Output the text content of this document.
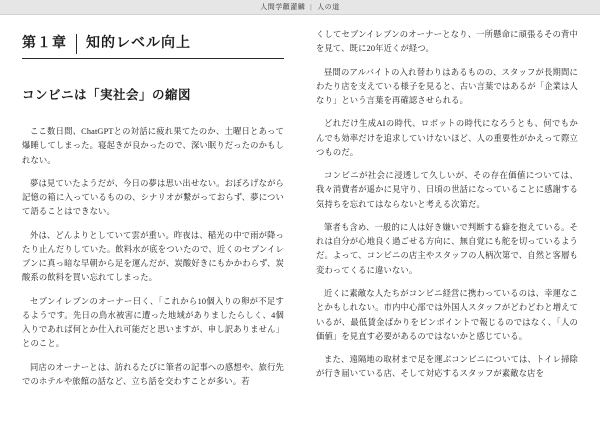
人間学顴灌麟 | 人の道
第１章 知的レベル向上
コンビニは「実社会」の縮図

ここ数日間、ChatGPTとの対話に疲れ果てたのか、土曜日とあって爆睡してしまった。寝起きが良かったので、深い眠りだったのかもしれない。

夢は見ていたようだが、今日の夢は思い出せない。おぼろげながら記憶の箱に入っているものの、シナリオが繋がっておらず、夢について語ることはできない。

外は、どんよりとしていて雲が重い。昨夜は、稲光の中で雨が降ったり止んだりしていた。飲料水が底をついたので、近くのセブンイレブンに真っ暗な早朝から足を運んだが、炭酸好きにもかかわらず、炭酸系の飲料を買い忘れてしまった。

セブンイレブンのオーナー曰く、「これから10個入りの卵が不足するようです。先日の鳥水被害に遭った地域がありましたらしく、4個入りであれば何とか仕入れ可能だと思いますが、申し訳ありません」とのこと。

同店のオーナーとは、訪れるたびに筆者の記事への感想や、旅行先でのホテルや旅館の話など、立ち話を交わすことが多い。若

くしてセブンイレブンのオーナーとなり、一所懸命に頑張るその背中を見て、既に20年近くが経つ。

昼間のアルバイトの入れ替わりはあるものの、スタッフが長期間にわたり店を支えている様子を見ると、古い言葉ではあるが「企業は人なり」という言葉を再確認させられる。

どれだけ生成AIの時代、ロボットの時代になろうとも、何でもかんでも効率だけを追求していけないほど、人の重要性がかえって際立つものだ。

コンビニが社会に浸透して久しいが、その存在価値については、我々消費者が遥かに見守り、日頃の世話になっていることに感謝する気持ちを忘れてはならないと考える次第だ。

筆者も含め、一般的に人は好き嫌いで判断する癖を抱えている。それは自分が心地良く過ごせる方向に、無自覚にも舵を切っているようだ。よって、コンビニの店主やスタッフの人柄次第で、自然と客層も変わってくるに違いない。

近くに素敵な人たちがコンビニ経営に携わっているのは、幸運なことかもしれない。市内中心部では外国人スタッフがどわどわと増えているが、最低賃金ばかりをピンポイントで報じるのではなく、「人の価値」を見直す必要があるのではないかと感じている。

また、遠隔地の取材まで足を運ぶコンビニについては、トイレ掃除が行き届いている店、そして対応するスタッフが素敵な店を
